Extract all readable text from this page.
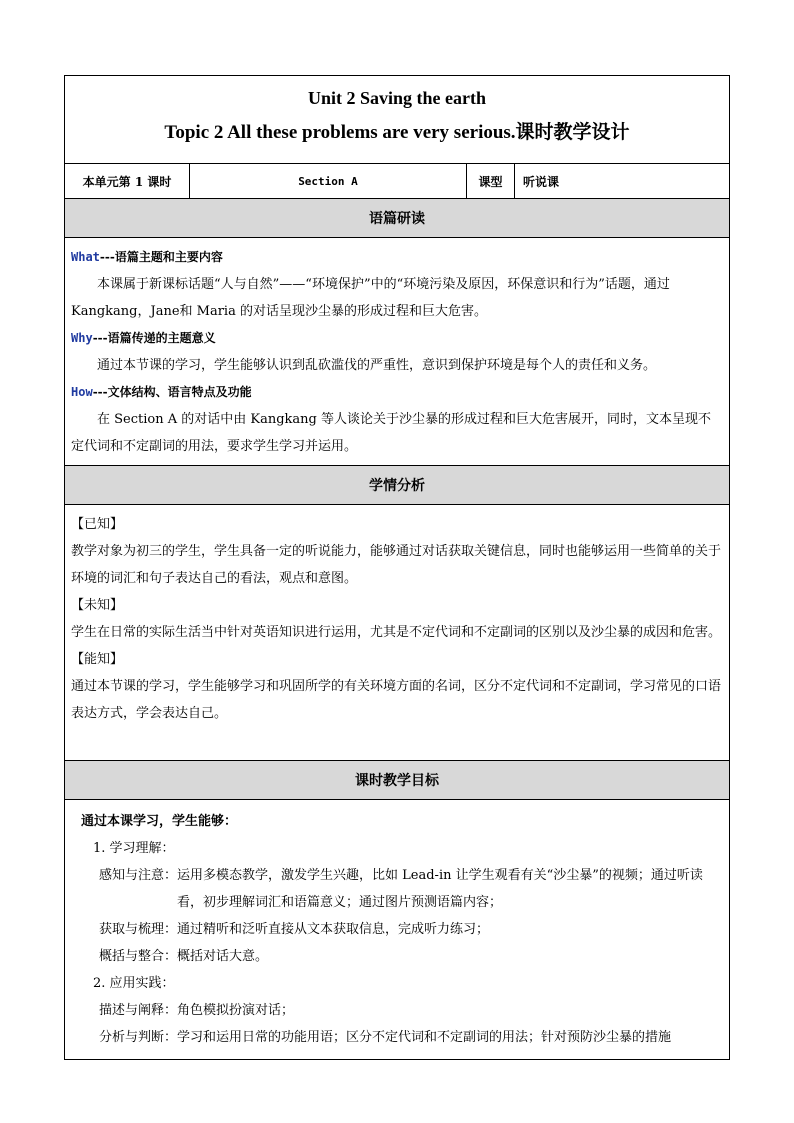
Unit 2 Saving the earth
Topic 2 All these problems are very serious.课时教学设计
本单元第 1 课时	Section A	课型	听说课
语篇研读
What---语篇主题和主要内容
本课属于新课标话题“人与自然”——“环境保护”中的“环境污染及原因，环保意识和行为”话题，通过 Kangkang，Jane和 Maria 的对话呈现沙尘暴的形成过程和巨大危害。
Why---语篇传递的主题意义
通过本节课的学习，学生能够认识到乱砍滥伐的严重性，意识到保护环境是每个人的责任和义务。
How---文体结构、语言特点及功能
在 Section A 的对话中由 Kangkang 等人谈论关于沙尘暴的形成过程和巨大危害展开，同时，文本呈现不定代词和不定副词的用法，要求学生学习并运用。
学情分析
【已知】
教学对象为初三的学生，学生具备一定的听说能力，能够通过对话获取关键信息，同时也能够运用一些简单的关于环境的词汇和句子表达自己的看法，观点和意图。
【未知】
学生在日常的实际生活当中针对英语知识进行运用，尤其是不定代词和不定副词的区别以及沙尘暴的成因和危害。
【能知】
通过本节课的学习，学生能够学习和巩固所学的有关环境方面的名词，区分不定代词和不定副词，学习常见的口语表达方式，学会表达自己。
课时教学目标
通过本课学习，学生能够：
1. 学习理解：
感知与注意： 运用多模态教学，激发学生兴趣，比如 Lead-in 让学生观看有关“沙尘暴”的视频；通过听读看，初步理解词汇和语篇意义；通过图片预测语篇内容；
获取与梳理： 通过精听和泛听直接从文本获取信息，完成听力练习；
概括与整合： 概括对话大意。
2. 应用实践：
描述与阐释： 角色模拟扮演对话；
分析与判断： 学习和运用日常的功能用语；区分不定代词和不定副词的用法；针对预防沙尘暴的措施
